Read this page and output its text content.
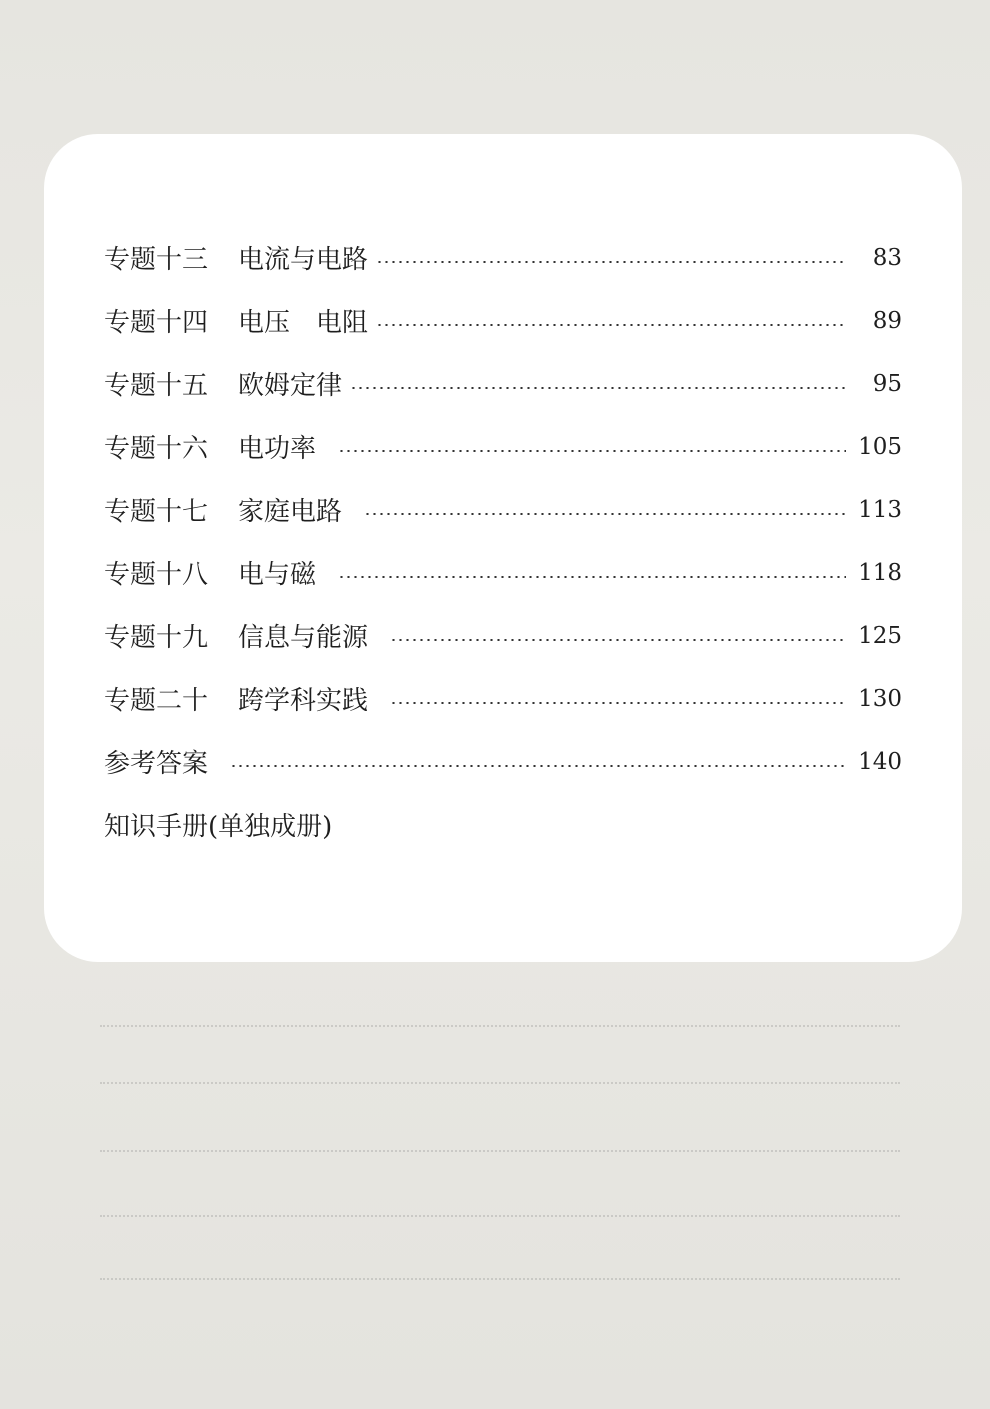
专题十三	电流与电路	83
专题十四	电压　电阻	89
专题十五	欧姆定律	95
专题十六	电功率	105
专题十七	家庭电路	113
专题十八	电与磁	118
专题十九	信息与能源	125
专题二十	跨学科实践	130
参考答案	140
知识手册(单独成册)
